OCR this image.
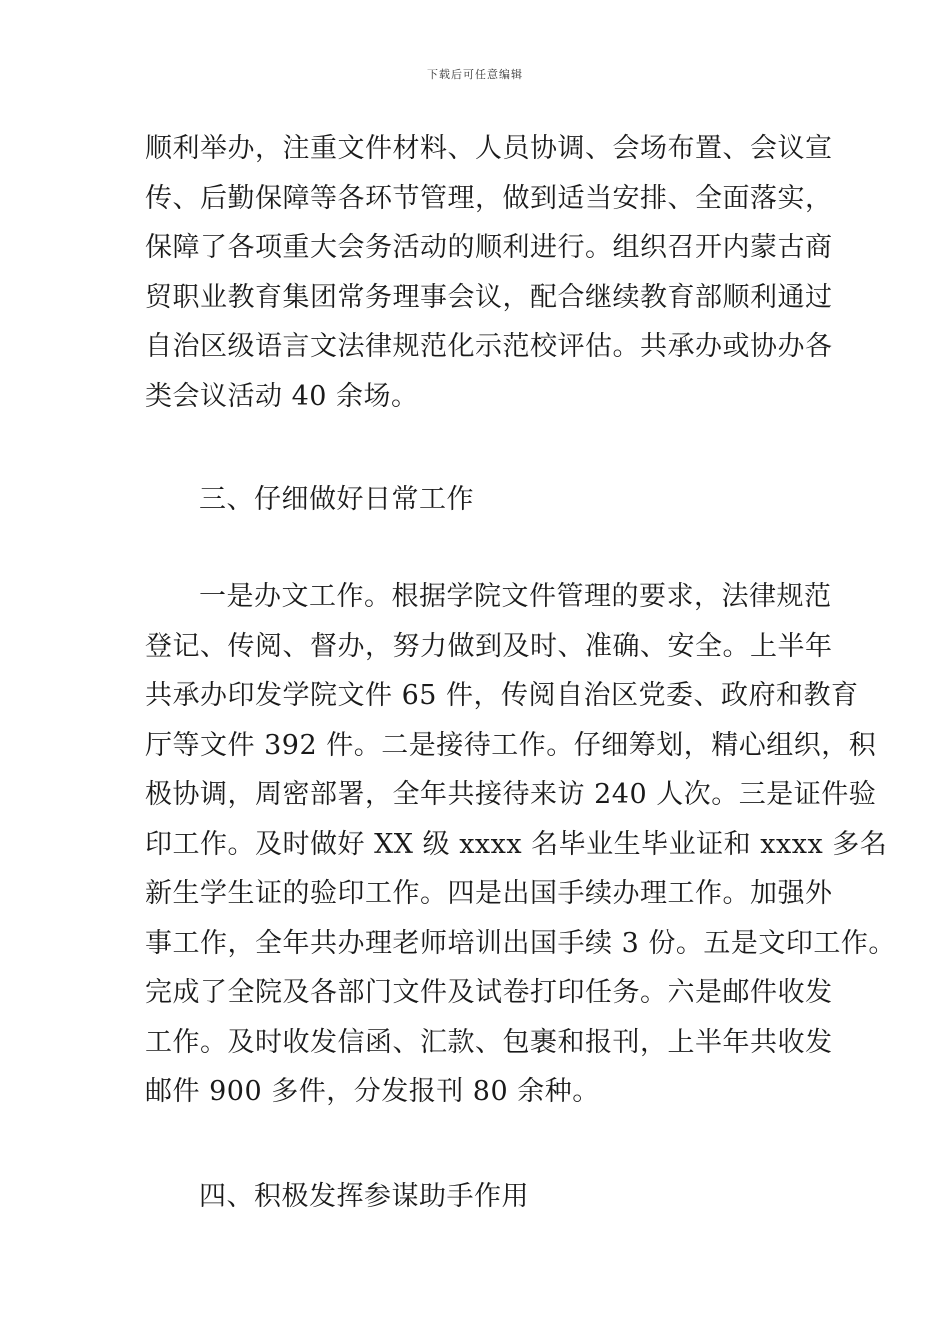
下载后可任意编辑
顺利举办，注重文件材料、人员协调、会场布置、会议宣
传、后勤保障等各环节管理，做到适当安排、全面落实，
保障了各项重大会务活动的顺利进行。组织召开内蒙古商
贸职业教育集团常务理事会议，配合继续教育部顺利通过
自治区级语言文法律规范化示范校评估。共承办或协办各
类会议活动 40 余场。
三、仔细做好日常工作
一是办文工作。根据学院文件管理的要求，法律规范
登记、传阅、督办，努力做到及时、准确、安全。上半年
共承办印发学院文件 65 件，传阅自治区党委、政府和教育
厅等文件 392 件。二是接待工作。仔细筹划，精心组织，积
极协调，周密部署，全年共接待来访 240 人次。三是证件验
印工作。及时做好 XX 级 xxxx 名毕业生毕业证和 xxxx 多名
新生学生证的验印工作。四是出国手续办理工作。加强外
事工作，全年共办理老师培训出国手续 3 份。五是文印工作。
完成了全院及各部门文件及试卷打印任务。六是邮件收发
工作。及时收发信函、汇款、包裹和报刊，上半年共收发
邮件 900 多件，分发报刊 80 余种。
四、积极发挥参谋助手作用
